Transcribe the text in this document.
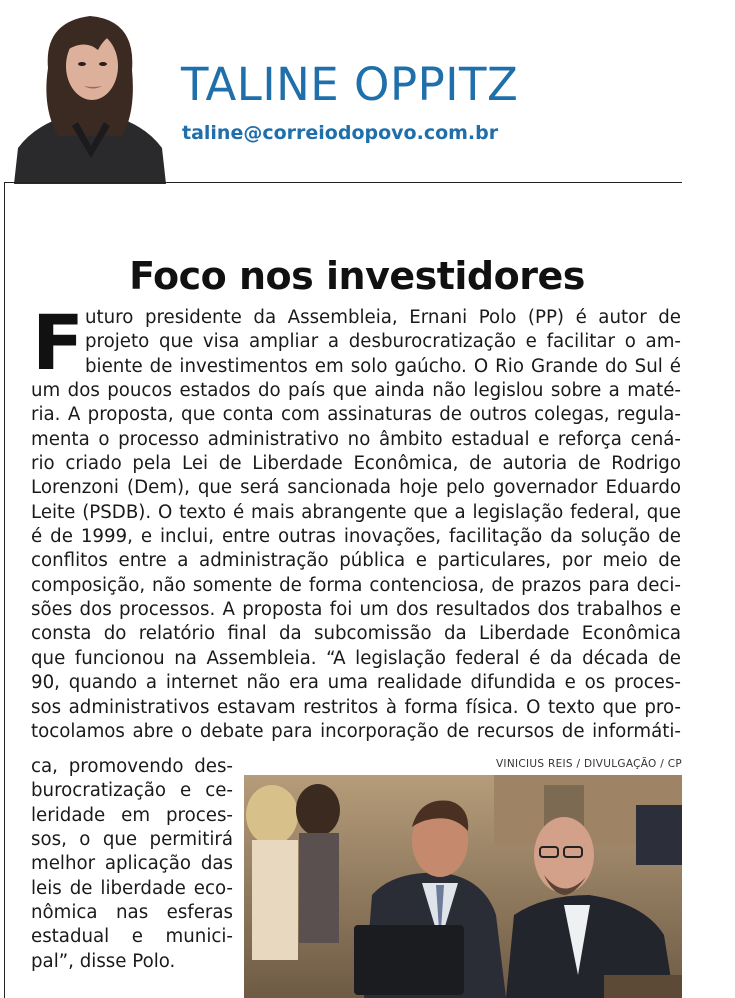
TALINE OPPITZ
taline@correiodopovo.com.br
Foco nos investidores
F uturo presidente da Assembleia, Ernani Polo (PP) é autor de
projeto que visa ampliar a desburocratização e facilitar o am-
biente de investimentos em solo gaúcho. O Rio Grande do Sul é
um dos poucos estados do país que ainda não legislou sobre a maté-
ria. A proposta, que conta com assinaturas de outros colegas, regula-
menta o processo administrativo no âmbito estadual e reforça cená-
rio criado pela Lei de Liberdade Econômica, de autoria de Rodrigo
Lorenzoni (Dem), que será sancionada hoje pelo governador Eduardo
Leite (PSDB). O texto é mais abrangente que a legislação federal, que
é de 1999, e inclui, entre outras inovações, facilitação da solução de
conflitos entre a administração pública e particulares, por meio de
composição, não somente de forma contenciosa, de prazos para deci-
sões dos processos. A proposta foi um dos resultados dos trabalhos e
consta do relatório final da subcomissão da Liberdade Econômica
que funcionou na Assembleia. “A legislação federal é da década de
90, quando a internet não era uma realidade difundida e os proces-
sos administrativos estavam restritos à forma física. O texto que pro-
tocolamos abre o debate para incorporação de recursos de informáti-
ca, promovendo des-
burocratização e ce-
leridade em proces-
sos, o que permitirá
melhor aplicação das
leis de liberdade eco-
nômica nas esferas
estadual e munici-
pal”, disse Polo.
VINICIUS REIS / DIVULGAÇÃO / CP
